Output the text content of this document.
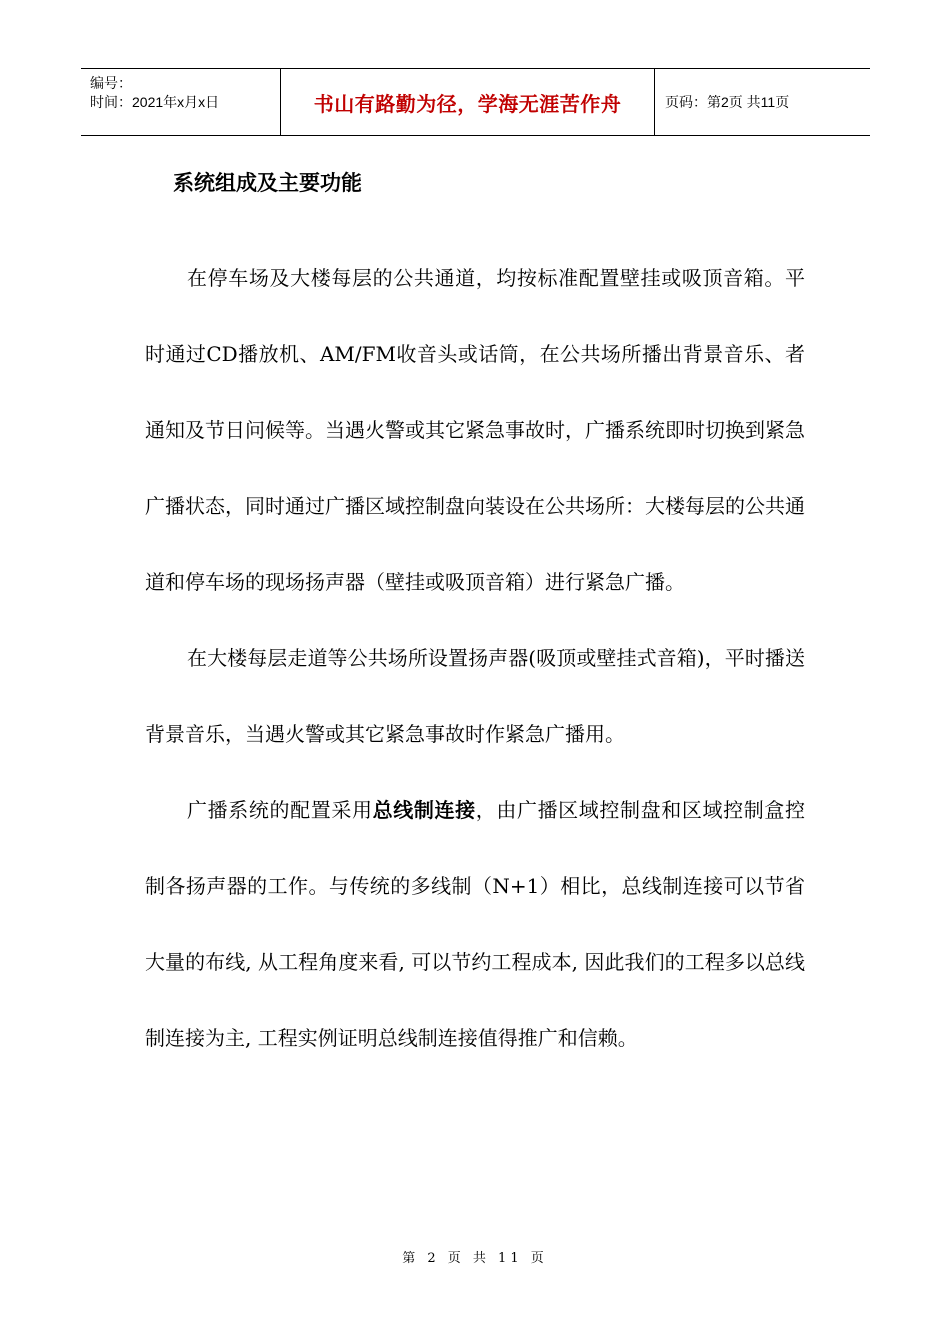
编号：
时间：2021年x月x日	书山有路勤为径，学海无涯苦作舟	页码：第2页 共11页
系统组成及主要功能

在停车场及大楼每层的公共通道，均按标准配置壁挂或吸顶音箱。平时通过CD播放机、AM/FM收音头或话筒，在公共场所播出背景音乐、者通知及节日问候等。当遇火警或其它紧急事故时，广播系统即时切换到紧急广播状态，同时通过广播区域控制盘向装设在公共场所：大楼每层的公共通道和停车场的现场扬声器（壁挂或吸顶音箱）进行紧急广播。

在大楼每层走道等公共场所设置扬声器(吸顶或壁挂式音箱)，平时播送背景音乐，当遇火警或其它紧急事故时作紧急广播用。

广播系统的配置采用总线制连接，由广播区域控制盘和区域控制盒控制各扬声器的工作。与传统的多线制（N+1）相比，总线制连接可以节省大量的布线, 从工程角度来看, 可以节约工程成本, 因此我们的工程多以总线制连接为主, 工程实例证明总线制连接值得推广和信赖。

第 2 页 共 11 页
